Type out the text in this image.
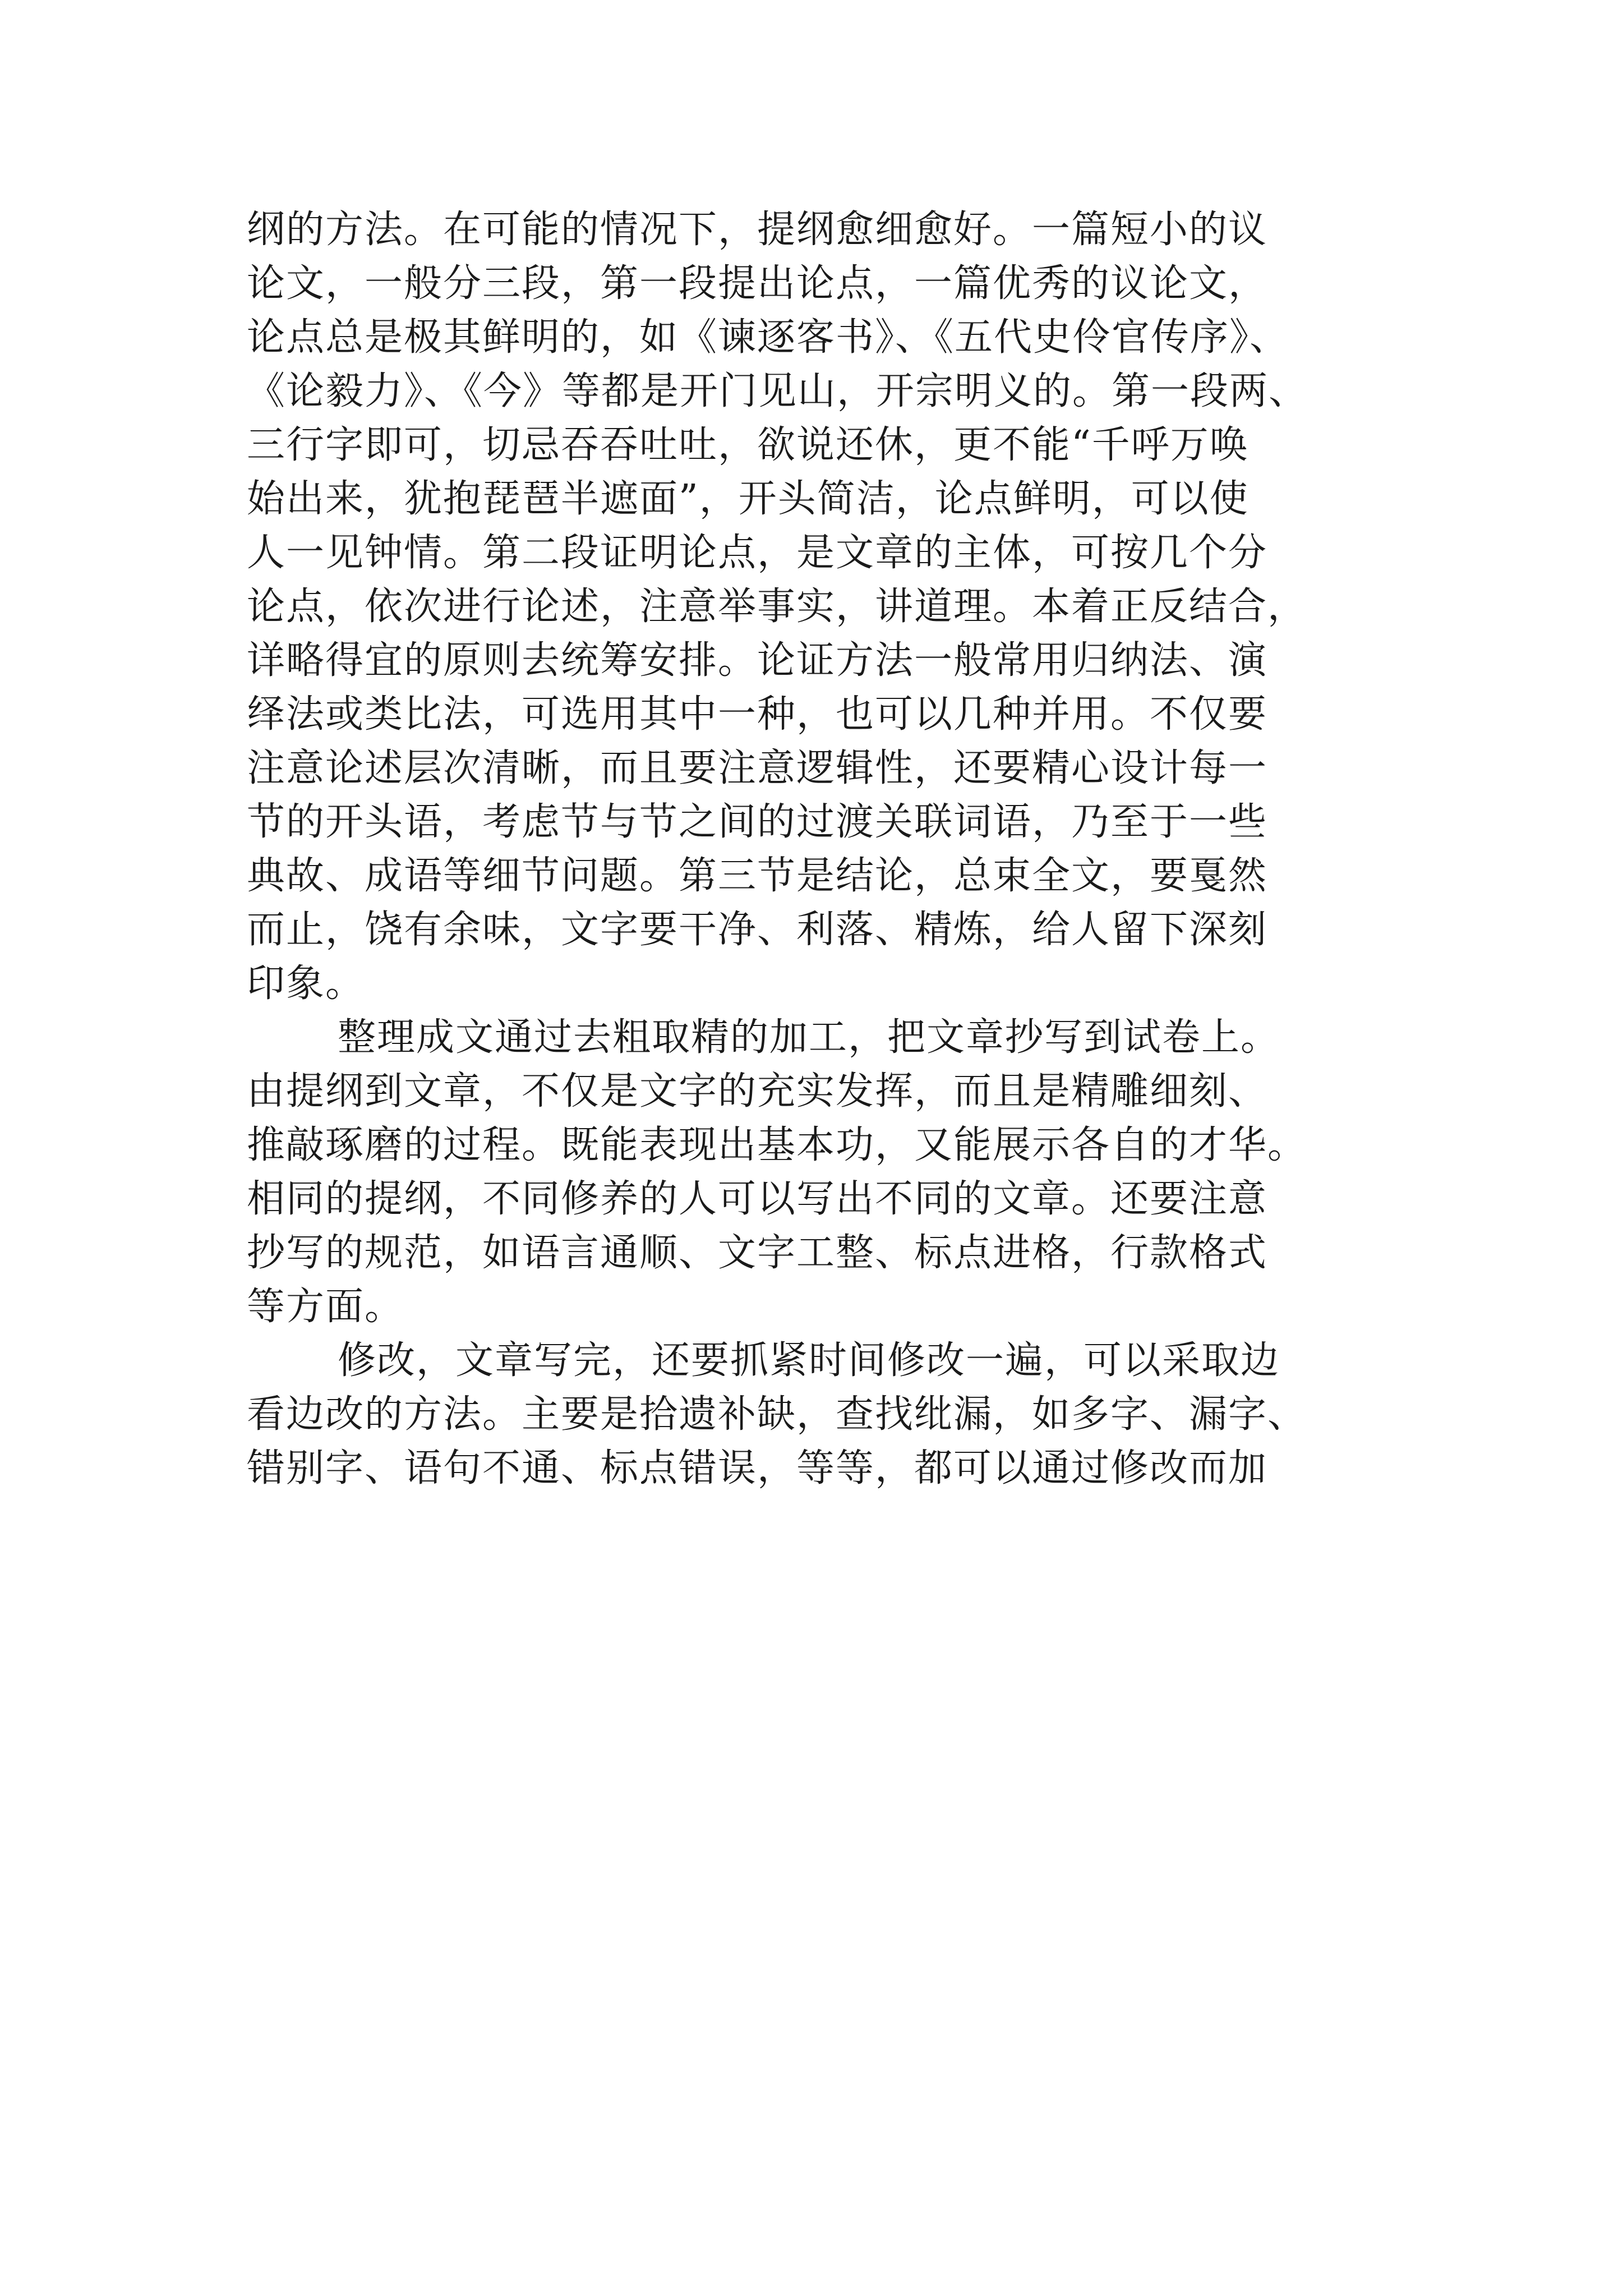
纲的方法。在可能的情况下，提纲愈细愈好。一篇短小的议
论文，一般分三段，第一段提出论点，一篇优秀的议论文，
论点总是极其鲜明的，如《谏逐客书》、《五代史伶官传序》、
《论毅力》、《今》等都是开门见山，开宗明义的。第一段两、
三行字即可，切忌吞吞吐吐，欲说还休，更不能“千呼万唤
始出来，犹抱琵琶半遮面”，开头简洁，论点鲜明，可以使
人一见钟情。第二段证明论点，是文章的主体，可按几个分
论点，依次进行论述，注意举事实，讲道理。本着正反结合，
详略得宜的原则去统筹安排。论证方法一般常用归纳法、演
绎法或类比法，可选用其中一种，也可以几种并用。不仅要
注意论述层次清晰，而且要注意逻辑性，还要精心设计每一
节的开头语，考虑节与节之间的过渡关联词语，乃至于一些
典故、成语等细节问题。第三节是结论，总束全文，要戛然
而止，饶有余味，文字要干净、利落、精炼，给人留下深刻
印象。
整理成文通过去粗取精的加工，把文章抄写到试卷上。
由提纲到文章，不仅是文字的充实发挥，而且是精雕细刻、
推敲琢磨的过程。既能表现出基本功，又能展示各自的才华。
相同的提纲，不同修养的人可以写出不同的文章。还要注意
抄写的规范，如语言通顺、文字工整、标点进格，行款格式
等方面。
修改，文章写完，还要抓紧时间修改一遍，可以采取边
看边改的方法。主要是拾遗补缺，查找纰漏，如多字、漏字、
错别字、语句不通、标点错误，等等，都可以通过修改而加
